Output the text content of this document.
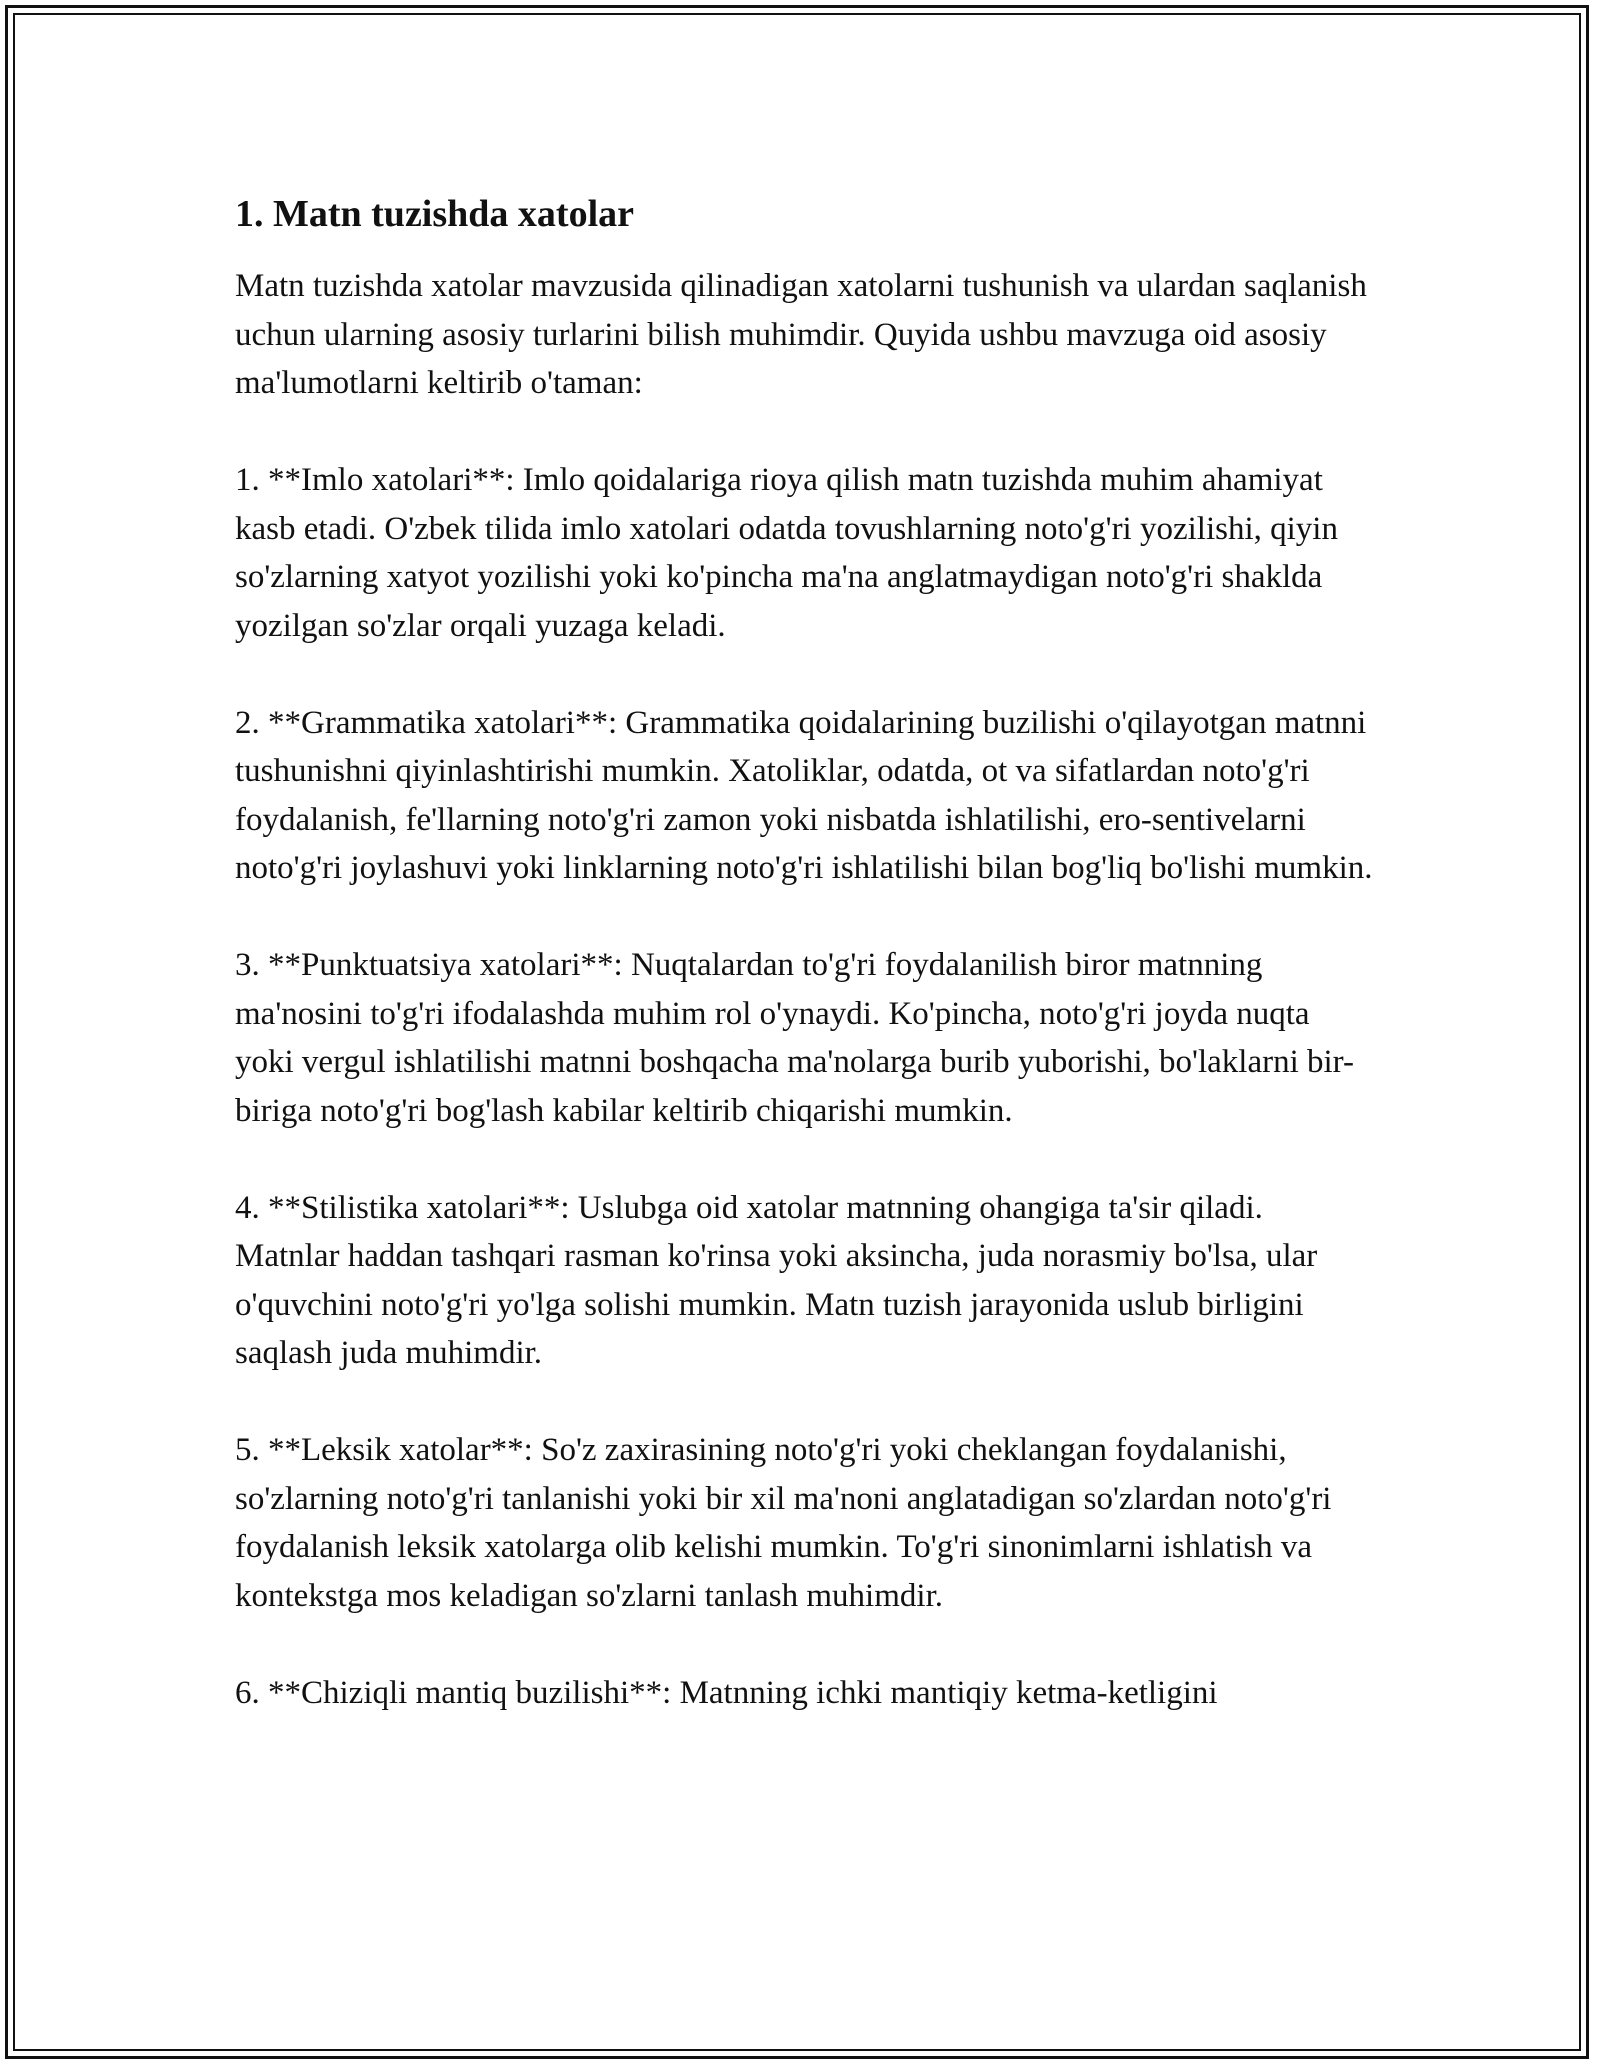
1. Matn tuzishda xatolar

Matn tuzishda xatolar mavzusida qilinadigan xatolarni tushunish va ulardan saqlanish uchun ularning asosiy turlarini bilish muhimdir. Quyida ushbu mavzuga oid asosiy ma'lumotlarni keltirib o'taman:

1. **Imlo xatolari**: Imlo qoidalariga rioya qilish matn tuzishda muhim ahamiyat kasb etadi. O'zbek tilida imlo xatolari odatda tovushlarning noto'g'ri yozilishi, qiyin so'zlarning xatyot yozilishi yoki ko'pincha ma'na anglatmaydigan noto'g'ri shaklda yozilgan so'zlar orqali yuzaga keladi.

2. **Grammatika xatolari**: Grammatika qoidalarining buzilishi o'qilayotgan matnni tushunishni qiyinlashtirishi mumkin. Xatoliklar, odatda, ot va sifatlardan noto'g'ri foydalanish, fe'llarning noto'g'ri zamon yoki nisbatda ishlatilishi, ero-sentivelarni noto'g'ri joylashuvi yoki linklarning noto'g'ri ishlatilishi bilan bog'liq bo'lishi mumkin.

3. **Punktuatsiya xatolari**: Nuqtalardan to'g'ri foydalanilish biror matnning ma'nosini to'g'ri ifodalashda muhim rol o'ynaydi. Ko'pincha, noto'g'ri joyda nuqta yoki vergul ishlatilishi matnni boshqacha ma'nolarga burib yuborishi, bo'laklarni bir-biriga noto'g'ri bog'lash kabilar keltirib chiqarishi mumkin.

4. **Stilistika xatolari**: Uslubga oid xatolar matnning ohangiga ta'sir qiladi. Matnlar haddan tashqari rasman ko'rinsa yoki aksincha, juda norasmiy bo'lsa, ular o'quvchini noto'g'ri yo'lga solishi mumkin. Matn tuzish jarayonida uslub birligini saqlash juda muhimdir.

5. **Leksik xatolar**: So'z zaxirasining noto'g'ri yoki cheklangan foydalanishi, so'zlarning noto'g'ri tanlanishi yoki bir xil ma'noni anglatadigan so'zlardan noto'g'ri foydalanish leksik xatolarga olib kelishi mumkin. To'g'ri sinonimlarni ishlatish va kontekstga mos keladigan so'zlarni tanlash muhimdir.

6. **Chiziqli mantiq buzilishi**: Matnning ichki mantiqiy ketma-ketligini
